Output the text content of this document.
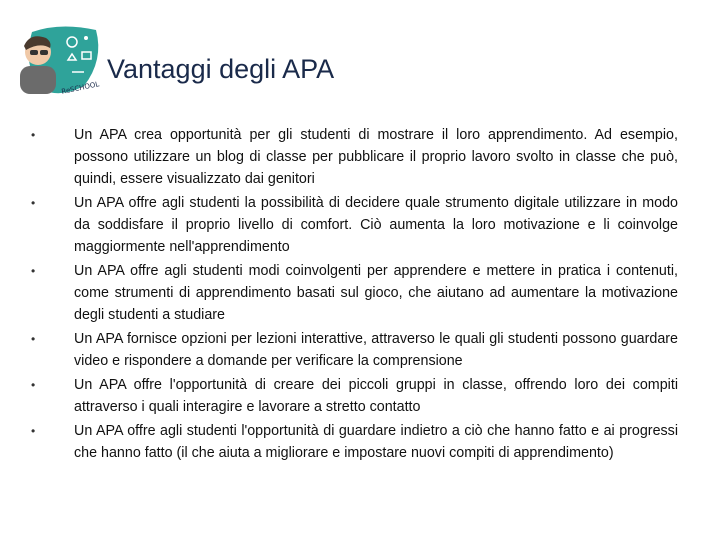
ReSCHOOL
Vantaggi degli APA
•	Un APA crea opportunità per gli studenti di mostrare il loro apprendimento. Ad esempio, possono utilizzare un blog di classe per pubblicare il proprio lavoro svolto in classe che può, quindi, essere visualizzato dai genitori
•	Un APA offre agli studenti la possibilità di decidere quale strumento digitale utilizzare in modo da soddisfare il proprio livello di comfort. Ciò aumenta la loro motivazione e li coinvolge maggiormente nell'apprendimento
•	Un APA offre agli studenti modi coinvolgenti per apprendere e mettere in pratica i contenuti, come strumenti di apprendimento basati sul gioco, che aiutano ad aumentare la motivazione degli studenti a studiare
•	Un APA fornisce opzioni per lezioni interattive, attraverso le quali gli studenti possono guardare video e rispondere a domande per verificare la comprensione
•	Un APA offre l'opportunità di creare dei piccoli gruppi in classe, offrendo loro dei compiti attraverso i quali interagire e lavorare a stretto contatto
•	Un APA offre agli studenti l'opportunità di guardare indietro a ciò che hanno fatto e ai progressi che hanno fatto (il che aiuta a migliorare e impostare nuovi compiti di apprendimento)
